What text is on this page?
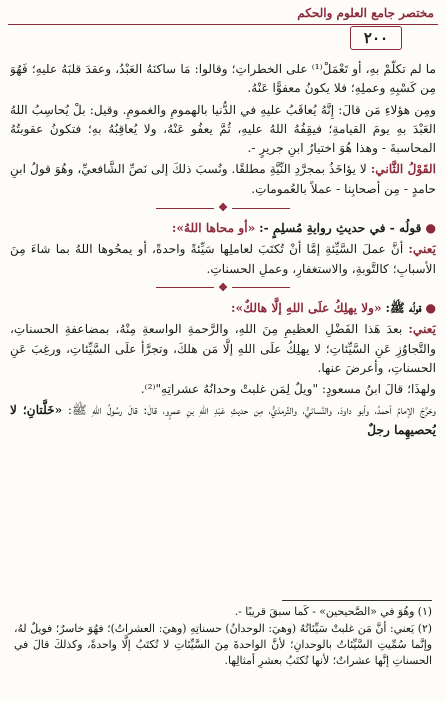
مختصر جامع العلوم والحكم
٢٠٠

ما لم تكلَّمْ بهِ، أو تَعْمَلْ⁽¹⁾ على الخطراتِ؛ وقالوا: مَا ساكنَهُ العَبْدُ، وعقدَ قلبَهُ عليهِ؛ فَهُوَ مِن كَسْبِهِ وعملِهِ؛ فلا يكونُ معفوًّا عَنْهُ.

ومِن هؤلاءِ مَن قالَ: إِنَّهُ يُعاقَبُ عليهِ في الدُّنيا بالهمومِ والغمومِ. وقيل: بلْ يُحاسِبُ اللهُ العَبْدَ بهِ يومَ القيامةِ؛ فيقِفُهُ اللهُ عليهِ، ثُمَّ يعفُو عَنْهُ، ولا يُعاقِبُهُ بهِ؛ فتكونُ عقوبتُهُ المحاسبةَ - وهذا هُوَ اختيارُ ابنِ جريرٍ -.

القَوْلُ الثَّاني: لا يؤاخَذُ بمجرَّدِ النِّيَّةِ مطلقًا. ونُسبَ ذلكَ إلى نَصِّ الشَّافعيِّ، وهُوَ قولُ ابنِ حامدٍ - مِن أصحابِنا - عملاً بالعُموماتِ.

❖

● قولُه - في حديثِ روايةِ مُسلِمٍ -: «أو محاها اللهُ»:

يَعني: أنَّ عملَ السَّيِّئةِ إمَّا أنْ تُكتَبَ لعاملِها سَيِّئةً واحدةً، أو يمحُوها اللهُ بما شاءَ مِنَ الأسبابِ؛ كالتَّوبةِ، والاستغفارِ، وعملِ الحسناتِ.

❖

● قولُه ﷺ: «ولا يهلِكُ علَى اللهِ إلَّا هالكٌ»:

يَعني: بعدَ هَذا الفَضْلِ العظيمِ مِنَ اللهِ، والرَّحمةِ الواسعةِ مِنْهُ، بمضاعفةِ الحسناتِ، والتَّجاوُزِ عَنِ السَّيِّئاتِ؛ لا يهلِكُ علَى اللهِ إلَّا مَن هلكَ، وتجرَّأ علَى السَّيِّئاتِ، ورغِبَ عَنِ الحسناتِ، وأعرضَ عنها.

ولهذَا؛ قالَ ابنُ مسعودٍ: "ويلٌ لِمَن غلبتْ وحدانُهُ عشراتِهِ"⁽²⁾.

وخرَّجَ الإمامُ أحمدُ، وأبو داودَ، والنَّسائيُّ، والتِّرمذيُّ، مِن حديثِ عَبْدِ اللهِ بنِ عمرٍو، قالَ: قالَ رسُولُ اللهِ ﷺ: «خَلَّتانِ؛ لا يُحصيهِما رجلٌ

(١) وهُوَ في «الصَّحيحين» - كَما سبقَ قريبًا -.

(٢) يَعني: أنَّ مَن غلبتْ سَيِّئاتُهُ (وهيَ: الوحدانُ) حسناتِهِ (وهيَ: العشراتُ)؛ فهُوَ خاسرٌ؛ فويلٌ لهُ، وإنَّما سُمِّيتِ السَّيِّئاتُ بالوحدانِ؛ لأنَّ الواحدةَ مِنَ السَّيِّئاتِ لا تُكتَبُ إلَّا واحدةً، وكذلكَ قالَ في الحسناتِ إنَّها عشراتٌ؛ لأنها تُكتَبُ بعشرِ أمثالِها.
